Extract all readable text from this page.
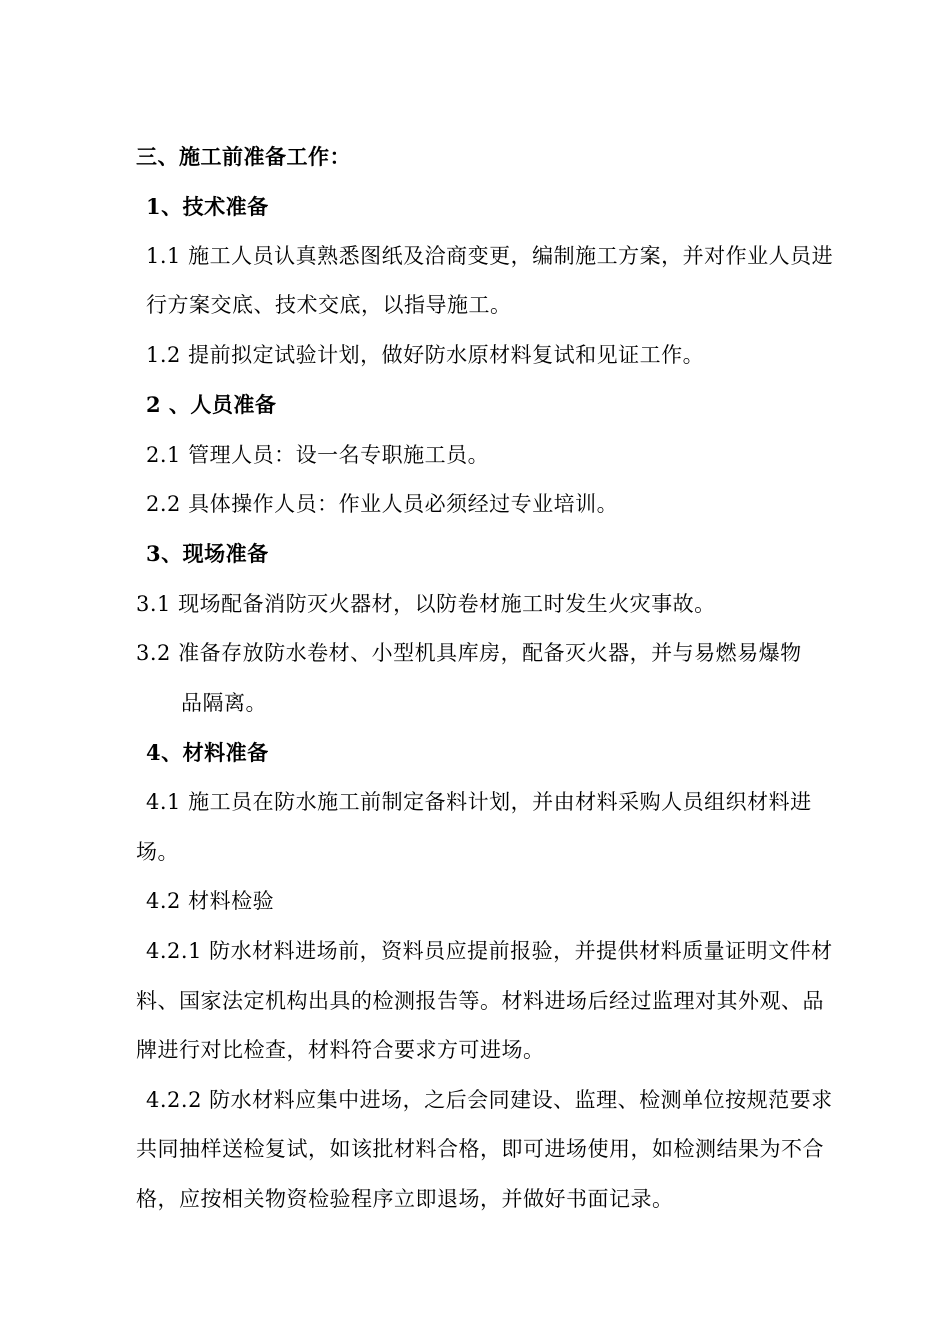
三、施工前准备工作：
1、技术准备
1.1 施工人员认真熟悉图纸及洽商变更，编制施工方案，并对作业人员进
行方案交底、技术交底，以指导施工。
1.2 提前拟定试验计划，做好防水原材料复试和见证工作。
2 、人员准备
2.1 管理人员：设一名专职施工员。
2.2 具体操作人员：作业人员必须经过专业培训。
3、现场准备
3.1 现场配备消防灭火器材，以防卷材施工时发生火灾事故。
3.2 准备存放防水卷材、小型机具库房，配备灭火器，并与易燃易爆物
品隔离。
4、材料准备
4.1 施工员在防水施工前制定备料计划，并由材料采购人员组织材料进
场。
4.2 材料检验
4.2.1 防水材料进场前，资料员应提前报验，并提供材料质量证明文件材
料、国家法定机构出具的检测报告等。材料进场后经过监理对其外观、品
牌进行对比检查，材料符合要求方可进场。
4.2.2 防水材料应集中进场，之后会同建设、监理、检测单位按规范要求
共同抽样送检复试，如该批材料合格，即可进场使用，如检测结果为不合
格，应按相关物资检验程序立即退场，并做好书面记录。
